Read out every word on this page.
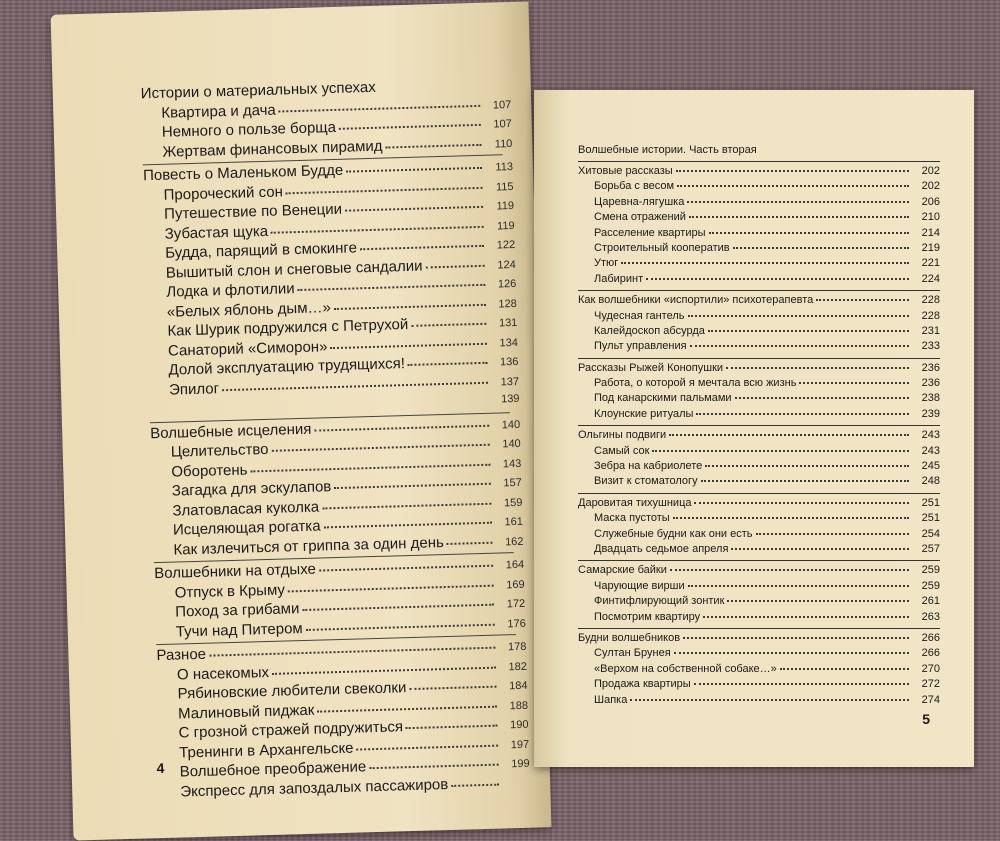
Истории о материальных успехах
Квартира и дача	107
Немного о пользе борща	107
Жертвам финансовых пирамид	110
Повесть о Маленьком Будде	113
Пророческий сон	115
Путешествие по Венеции	119
Зубастая щука	119
Будда, парящий в смокинге	122
Вышитый слон и снеговые сандалии	124
Лодка и флотилии	126
«Белых яблонь дым…»	128
Как Шурик подружился с Петрухой	131
Санаторий «Симорон»	134
Долой эксплуатацию трудящихся!	136
Эпилог	137
139
Волшебные исцеления	140
Целительство	140
Оборотень	143
Загадка для эскулапов	157
Златовласая куколка	159
Исцеляющая рогатка	161
Как излечиться от гриппа за один день	162
Волшебники на отдыхе	164
Отпуск в Крыму	169
Поход за грибами	172
Тучи над Питером	176
Разное	178
О насекомых	182
Рябиновские любители свеколки	184
Малиновый пиджак	188
С грозной стражей подружиться	190
Тренинги в Архангельске	197
Волшебное преображение	199
Экспресс для запоздалых пассажиров
4
Волшебные истории. Часть вторая
Хитовые рассказы	202
Борьба с весом	202
Царевна-лягушка	206
Смена отражений	210
Расселение квартиры	214
Строительный кооператив	219
Утюг	221
Лабиринт	224
Как волшебники «испортили» психотерапевта	228
Чудесная гантель	228
Калейдоскоп абсурда	231
Пульт управления	233
Рассказы Рыжей Конопушки	236
Работа, о которой я мечтала всю жизнь	236
Под канарскими пальмами	238
Клоунские ритуалы	239
Ольгины подвиги	243
Самый сок	243
Зебра на кабриолете	245
Визит к стоматологу	248
Даровитая тихушница	251
Маска пустоты	251
Служебные будни как они есть	254
Двадцать седьмое апреля	257
Самарские байки	259
Чарующие вирши	259
Финтифлирующий зонтик	261
Посмотрим квартиру	263
Будни волшебников	266
Султан Брунея	266
«Верхом на собственной собаке…»	270
Продажа квартиры	272
Шапка	274
5
